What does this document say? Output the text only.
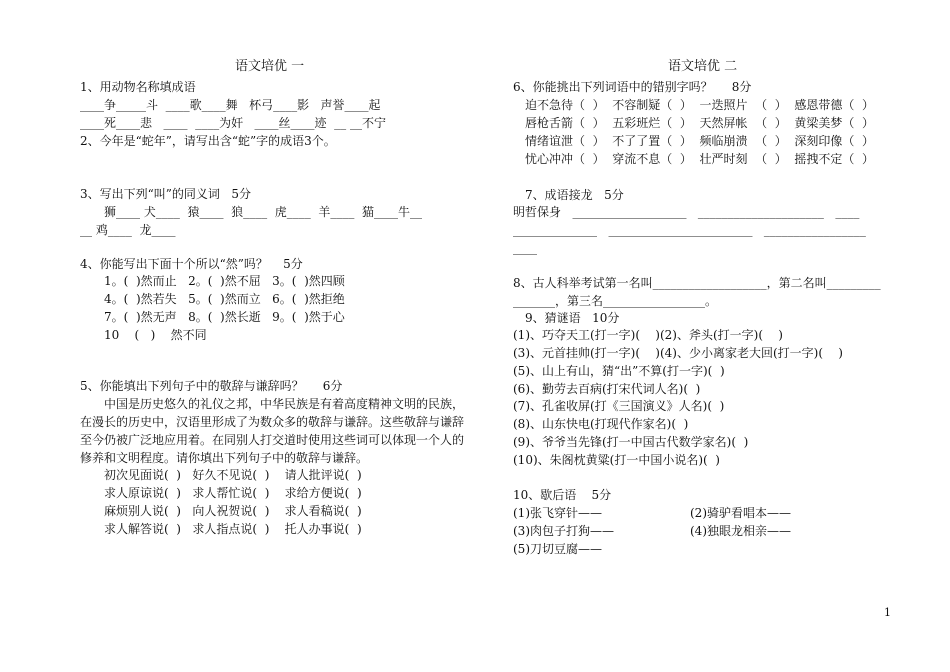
语文培优 一
1、用动物名称填成语
____争_____斗  ____歌____舞   杯弓____影   声誉____起
____死____悲   ____  ____为奸   ____丝____迹  __ __不宁
2、今年是“蛇年”，请写出含“蛇”字的成语3个。
3、写出下列“叫”的同义词   5分
狮____ 犬____  猿____  狼____  虎____  羊____  猫____牛__
__ 鸡____  龙____
4、你能写出下面十个所以“然”吗？    5分
1。(  )然而止   2。(  )然不屈   3。(  )然四顾
4。(  )然若失   5。(  )然而立   6。(  )然拒绝
7。(  )然无声   8。(  )然长逝   9。(  )然于心
10    (   )    然不同
5、你能填出下列句子中的敬辞与谦辞吗？     6分
中国是历史悠久的礼仪之邦，中华民族是有着高度精神文明的民族，
在漫长的历史中，汉语里形成了为数众多的敬辞与谦辞。这些敬辞与谦辞
至今仍被广泛地应用着。在同别人打交道时使用这些词可以体现一个人的
修养和文明程度。请你填出下列句子中的敬辞与谦辞。
初次见面说(  )   好久不见说(  )    请人批评说(  )
求人原谅说(  )   求人帮忙说(  )    求给方便说(  )
麻烦别人说(  )   向人祝贺说(  )    求人看稿说(  )
求人解答说(  )   求人指点说(  )    托人办事说(  )
语文培优 二
6、你能挑出下列词语中的错别字吗？     8分
迫不急待（  ）  不容制疑（  ）  一迭照片  （  ）  感恩带德（  ）
唇枪舌箭（  ）  五彩班烂（  ）  天然屏帐  （  ）  黄梁美梦（  ）
情绪谊泄（  ）  不了了置（  ）  频临崩溃  （  ）  深刻印像（  ）
忧心冲冲（  ）  穿流不息（  ）  壮严时刻  （  ）  摇拽不定（  ）
7、成语接龙   5分
明哲保身   ___________________   _____________________   ____
______________   ________________________   _________________
____
8、古人科举考试第一名叫___________________，第二名叫_________
_______，第三名_________________。
9、猜谜语   10分
(1)、巧夺天工(打一字)(    )(2)、斧头(打一字)(    )
(3)、元首挂帅(打一字)(    )(4)、少小离家老大回(打一字)(    )
(5)、山上有山，猜“出”不算(打一字)(  )
(6)、勤劳去百病(打宋代词人名)(  )
(7)、孔雀收屏(打《三国演义》人名)(  )
(8)、山东快电(打现代作家名)(  )
(9)、爷爷当先锋(打一中国古代数学家名)(  )
(10)、朱阁枕黄粱(打一中国小说名)(  )
10、歇后语    5分
(1)张飞穿针——	(2)骑驴看唱本——
(3)肉包子打狗——	(4)独眼龙相亲——
(5)刀切豆腐——
1
